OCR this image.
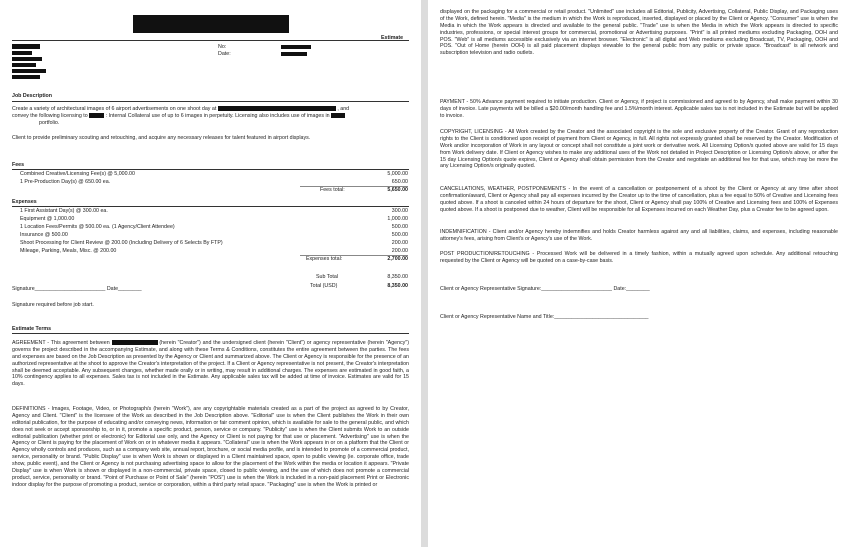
Estimate
No:
Date:
Job Description
Create a variety of architectural images of 6 airport advertisements on one shoot day at	, and
convey the following licensing to	: Internal Collateral use of up to 6 images in perpetuity. Licensing also includes use of images in
portfolio.
Client to provide preliminary scouting and retouching, and acquire any necessary releases for talent featured in airport displays.
Fees
Combined Creative/Licensing Fee(s) @ 5,000.00	5,000.00
1 Pre-Production Day(s) @ 650.00 ea.	650.00
Fees total:	5,650.00
Expenses
1 First Assistant Day(s) @ 300.00 ea.	300.00
Equipment @ 1,000.00	1,000.00
1 Location Fees/Permits @ 500.00 ea. (1 Agency/Client Attendee)	500.00
Insurance @ 500.00	500.00
Shoot Processing for Client Review @ 200.00 (Including Delivery of 6 Selects By FTP)	200.00
Mileage, Parking, Meals, Misc. @ 200.00	200.00
Expenses total:	2,700.00
Sub Total	8,350.00
Total (USD)	8,350.00
Signature________________________ Date________
Signature required before job start.
Estimate Terms
AGREEMENT - This agreement between	(herein "Creator") and the undersigned client (herein "Client") or agency representative (herein "Agency") governs the project described in the accompanying Estimate, and along with these Terms & Conditions, constitutes the entire agreement between the parties. The fees and expenses are based on the Job Description as presented by the Agency or Client and summarized above. The Client or Agency is responsible for the presence of an authorized representative at the shoot to approve the Creator's interpretation of the project. If a Client or Agency representative is not present, the Creator's interpretation shall be deemed acceptable. Any subsequent changes, whether made orally or in writing, may result in additional charges. The expenses are estimated in good faith, a 10% contingency applies to all expenses. Sales tax is not included in the Estimate. Any applicable sales tax will be added at time of invoice. Estimates are valid for 15 days.
DEFINITIONS - Images, Footage, Video, or Photograph/s (herein "Work"), are any copyrightable materials created as a part of the project as agreed to by Creator, Agency and Client. "Client" is the licensee of the Work as described in the Job Description above. "Editorial" use is when the Client publishes the Work in their own editorial publication, for the purpose of educating and/or conveying news, information or fair comment opinion, which is available for sale to the general public, and which does not seek or accept sponsorship to, or in it, promote a specific product, person, service or company. "Publicity" use is when the Client submits Work to an outside editorial publication (whether print or electronic) for Editorial use only, and the Agency or Client is not paying for that use or placement. "Advertising" use is when the Agency or Client is paying for the placement of Work on or in whatever media it appears. "Collateral" use is when the Work appears in or on a platform that the Client or Agency wholly controls and produces, such as a company web site, annual report, brochure, or social media profile, and is intended to promote of a commercial product, service, personality or brand. "Public Display" use is when Work is shown or displayed in a Client maintained space, open to public viewing (ie. corporate office, trade show, public event), and the Client or Agency is not purchasing advertising space to allow for the placement of the Work within the media or location it appears. "Private Display" use is when Work is shown or displayed in a non-commercial, private space, closed to public viewing, and the use of which does not promote a commercial product, service, personality or brand. "Point of Purchase or Point of Sale" (herein "POS") use is when the Work is included in a non-paid placement Print or Electronic indoor display for the purpose of promoting a product, service or corporation, within a third party retail space. "Packaging" use is when the Work is printed or
displayed on the packaging for a commercial or retail product. "Unlimited" use includes all Editorial, Publicity, Advertising, Collateral, Public Display, and Packaging uses of the Work, defined herein. "Media" is the medium in which the Work is reproduced, inserted, displayed or placed by the Client or Agency. "Consumer" use is when the Media in which the Work appears is directed and available to the general public. "Trade" use is when the Media in which the Work appears is directed to specific industries, professions, or special interest groups for commercial, promotional or Advertising purposes. "Print" is all printed mediums excluding Packaging, OOH and POS. "Web" is all mediums accessible exclusively via an internet browser. "Electronic" is all digital and Web mediums excluding Broadcast, TV, Packaging, OOH and POS. "Out of Home (herein OOH) is all paid placement displays viewable to the general public from any public or private space. "Broadcast" is all network and subscription television and radio outlets.
PAYMENT - 50% Advance payment required to initiate production. Client or Agency, if project is commissioned and agreed to by Agency, shall make payment within 30 days of invoice. Late payments will be billed a $20.00/month handling fee and 1.5%/month interest. Applicable sales tax is not included in the Estimate but will be applied to invoice.
COPYRIGHT, LICENSING - All Work created by the Creator and the associated copyright is the sole and exclusive property of the Creator. Grant of any reproduction rights to the Client is conditioned upon receipt of payment from Client or Agency, in full. All rights not expressly granted shall be reserved by the Creator. Modification of Work and/or incorporation of Work in any layout or concept shall not constitute a joint work or derivative work. All Licensing Option/s quoted above are valid for 15 days from Work delivery date. If Client or Agency wishes to make any additional uses of the Work not detailed in Project Description or Licensing Option/s above, or after the 15 day Licensing Option/s quote expires, Client or Agency shall obtain permission from the Creator and negotiate an additional fee for that use, which may be more the any Licensing Option/s originally quoted.
CANCELLATIONS, WEATHER, POSTPONEMENTS - In the event of a cancellation or postponement of a shoot by the Client or Agency at any time after shoot confirmation/award, Client or Agency shall pay all expenses incurred by the Creator up to the time of cancellation, plus a fee equal to 50% of Creative and Licensing fees quoted above. If a shoot is canceled within 24 hours of departure for the shoot, Client or Agency shall pay 100% of Creative and Licensing fees and 100% of Expenses quoted above. If a shoot is postponed due to weather, Client will be responsible for all Expenses incurred on each Weather Day, plus a Creator fee to be agreed upon.
INDEMNIFICATION - Client and/or Agency hereby indemnifies and holds Creator harmless against any and all liabilities, claims, and expenses, including reasonable attorney's fees, arising from Client's or Agency's use of the Work.
POST PRODUCTION/RETOUCHING - Processed Work will be delivered in a timely fashion, within a mutually agreed upon schedule. Any additional retouching requested by the Client or Agency will be quoted on a case-by-case basis.
Client or Agency Representative Signature:________________________ Date:________
Client or Agency Representative Name and Title:________________________________
